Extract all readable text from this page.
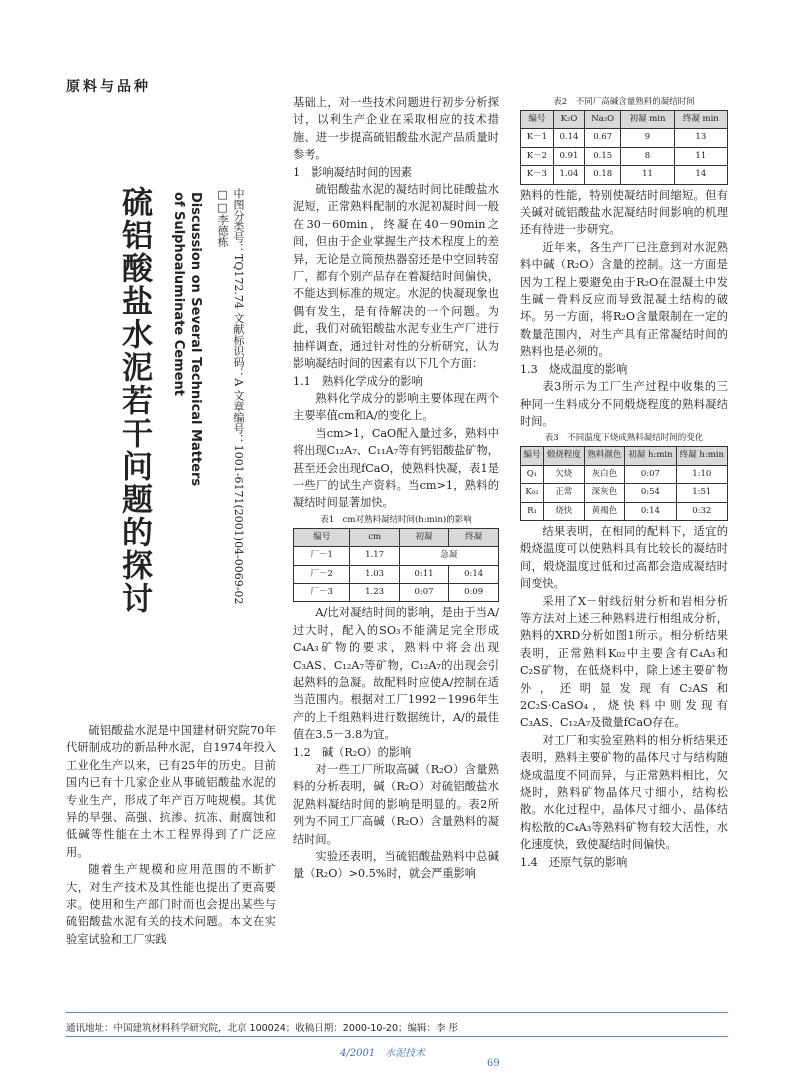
原料与品种
硫铝酸盐水泥若干问题的探讨	Discussion on Several Technical Matters
of Sulphoaluminate Cement	中图分类号：TQ172.74 文献标识码：A 文章编号：1001-6171(2001)04-0069-02
□□李德栋

硫铝酸盐水泥是中国建材研究院70年代研制成功的新品种水泥，自1974年投入工业化生产以来，已有25年的历史。目前国内已有十几家企业从事硫铝酸盐水泥的专业生产，形成了年产百万吨规模。其优异的早强、高强、抗渗、抗冻、耐腐蚀和低碱等性能在土木工程界得到了广泛应用。

随着生产规模和应用范围的不断扩大，对生产技术及其性能也提出了更高要求。使用和生产部门时而也会提出某些与硫铝酸盐水泥有关的技术问题。本文在实验室试验和工厂实践

基础上，对一些技术问题进行初步分析探讨，以利生产企业在采取相应的技术措施、进一步提高硫铝酸盐水泥产品质量时参考。

1　影响凝结时间的因素

硫铝酸盐水泥的凝结时间比硅酸盐水泥短，正常熟料配制的水泥初凝时间一般在30－60min，终凝在40－90min之间，但由于企业掌握生产技术程度上的差异，无论是立筒预热器窑还是中空回转窑厂，都有个别产品存在着凝结时间偏快，不能达到标准的规定。水泥的快凝现象也偶有发生，是有待解决的一个问题。为此，我们对硫铝酸盐水泥专业生产厂进行抽样调查，通过针对性的分析研究，认为影响凝结时间的因素有以下几个方面：

1.1　熟料化学成分的影响

熟料化学成分的影响主要体现在两个主要率值cm和A/的变化上。

当cm>1，CaO配入量过多，熟料中将出现C₁₂A₇、C₁₁A₇等有钙铝酸盐矿物，甚至还会出现fCaO，使熟料快凝，表1是一些厂的试生产资料。当cm>1，熟料的凝结时间显著加快。

表1　cm对熟料凝结时间(h:min)的影响
编号	cm	初凝	终凝
厂－1	1.17	急凝	
厂－2	1.03	0:11	0:14
厂－3	1.23	0:07	0:09

A/比对凝结时间的影响，是由于当A/过大时，配入的SO₃不能满足完全形成C₄A₃矿物的要求，熟料中将会出现C₃AS、C₁₂A₇等矿物，C₁₂A₇的出现会引起熟料的急凝。故配料时应使A/控制在适当范围内。根据对工厂1992－1996年生产的上千组熟料进行数据统计，A/的最佳值在3.5－3.8为宜。

1.2　碱（R₂O）的影响

对一些工厂所取高碱（R₂O）含量熟料的分析表明，碱（R₂O）对硫铝酸盐水泥熟料凝结时间的影响是明显的。表2所列为不同工厂高碱（R₂O）含量熟料的凝结时间。

实验还表明，当硫铝酸盐熟料中总碱量（R₂O）>0.5%时，就会严重影响

表2　不同厂高碱含量熟料的凝结时间
编号	K₂O	Na₂O	初凝 min	终凝 min
K－1	0.14	0.67	9	13
K－2	0.91	0.15	8	11
K－3	1.04	0.18	11	14

熟料的性能，特别使凝结时间缩短。但有关碱对硫铝酸盐水泥凝结时间影响的机理还有待进一步研究。

近年来，各生产厂已注意到对水泥熟料中碱（R₂O）含量的控制。这一方面是因为工程上要避免由于R₂O在混凝土中发生碱－骨料反应而导致混凝土结构的破坏。另一方面，将R₂O含量限制在一定的数量范围内，对生产具有正常凝结时间的熟料也是必须的。

1.3　烧成温度的影响

表3所示为工厂生产过程中收集的三种同一生料成分不同煅烧程度的熟料凝结时间。

表3　不同温度下烧成熟料凝结时间的变化
编号	煅烧程度	熟料颜色	初凝 h:min	终凝 h:min
Q₁	欠烧	灰白色	0:07	1:10
K₀₂	正常	深灰色	0:54	1:51
R₁	烧快	黄褐色	0:14	0:32

结果表明，在相同的配料下，适宜的煅烧温度可以使熟料具有比较长的凝结时间，煅烧温度过低和过高都会造成凝结时间变快。

采用了X－射线衍射分析和岩相分析等方法对上述三种熟料进行相组成分析，熟料的XRD分析如图1所示。相分析结果表明，正常熟料K₀₂中主要含有C₄A₃和C₂S矿物，在低烧料中，除上述主要矿物外，还明显发现有C₂AS和2C₂S·CaSO₄，烧快料中则发现有C₃AS、C₁₂A₇及微量fCaO存在。

对工厂和实验室熟料的相分析结果还表明，熟料主要矿物的晶体尺寸与结构随烧成温度不同而异，与正常熟料相比，欠烧时，熟料矿物晶体尺寸细小，结构松散。水化过程中，晶体尺寸细小、晶体结构松散的C₄A₃等熟料矿物有较大活性，水化速度快，致使凝结时间偏快。

1.4　还原气氛的影响
通讯地址：中国建筑材料科学研究院，北京 100024；收稿日期：2000-10-20；编辑：李 彤
4/2001　水泥技术
69
